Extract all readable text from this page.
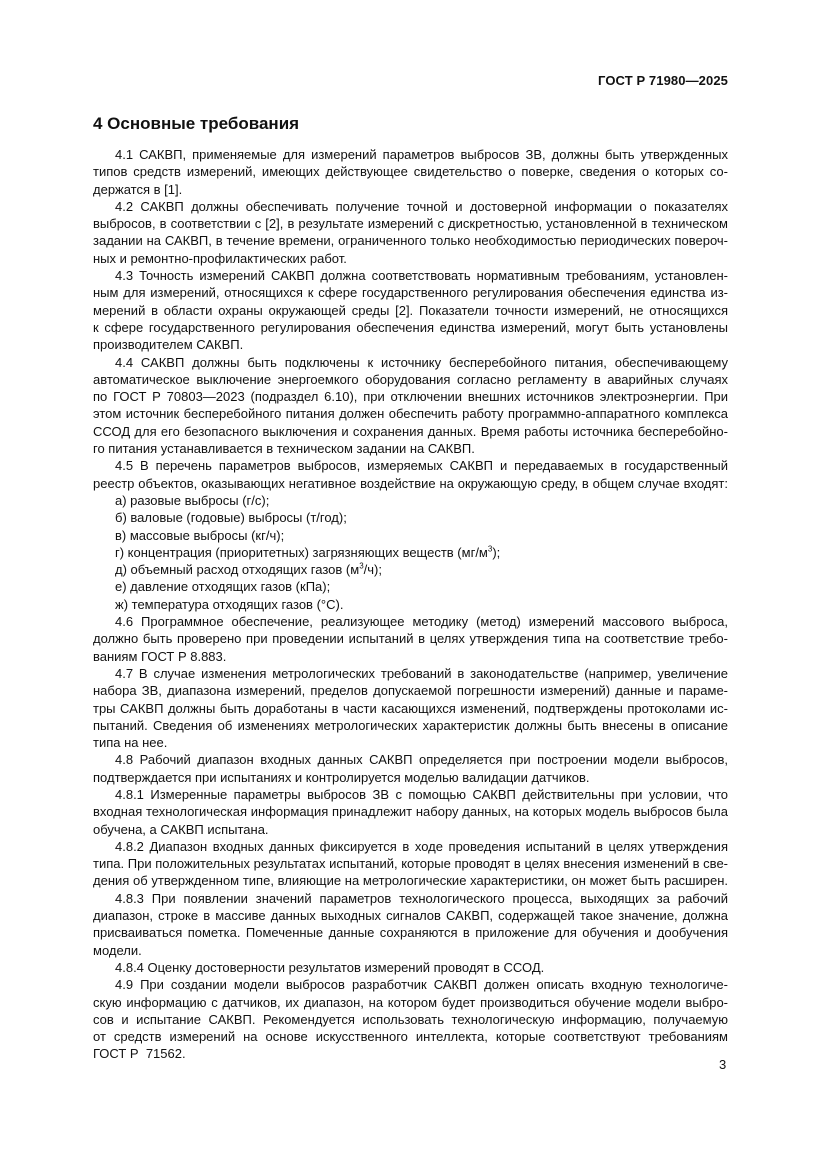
ГОСТ Р 71980—2025
4 Основные требования
4.1 САКВП, применяемые для измерений параметров выбросов ЗВ, должны быть утвержденных
типов средств измерений, имеющих действующее свидетельство о поверке, сведения о которых со-
держатся в [1].
4.2 САКВП должны обеспечивать получение точной и достоверной информации о показателях
выбросов, в соответствии с [2], в результате измерений с дискретностью, установленной в техническом
задании на САКВП, в течение времени, ограниченного только необходимостью периодических повероч-
ных и ремонтно-профилактических работ.
4.3 Точность измерений САКВП должна соответствовать нормативным требованиям, установлен-
ным для измерений, относящихся к сфере государственного регулирования обеспечения единства из-
мерений в области охраны окружающей среды [2]. Показатели точности измерений, не относящихся
к сфере государственного регулирования обеспечения единства измерений, могут быть установлены
производителем САКВП.
4.4 САКВП должны быть подключены к источнику бесперебойного питания, обеспечивающему
автоматическое выключение энергоемкого оборудования согласно регламенту в аварийных случаях
по ГОСТ Р 70803—2023 (подраздел 6.10), при отключении внешних источников электроэнергии. При
этом источник бесперебойного питания должен обеспечить работу программно-аппаратного комплекса
ССОД для его безопасного выключения и сохранения данных. Время работы источника бесперебойно-
го питания устанавливается в техническом задании на САКВП.
4.5 В перечень параметров выбросов, измеряемых САКВП и передаваемых в государственный
реестр объектов, оказывающих негативное воздействие на окружающую среду, в общем случае входят:
а) разовые выбросы (г/с);
б) валовые (годовые) выбросы (т/год);
в) массовые выбросы (кг/ч);
г) концентрация (приоритетных) загрязняющих веществ $(мг/м^3)$;
д) объемный расход отходящих газов $(м^3/ч)$;
е) давление отходящих газов (кПа);
ж) температура отходящих газов (°С).
4.6 Программное обеспечение, реализующее методику (метод) измерений массового выброса,
должно быть проверено при проведении испытаний в целях утверждения типа на соответствие требо-
ваниям ГОСТ Р 8.883.
4.7 В случае изменения метрологических требований в законодательстве (например, увеличение
набора ЗВ, диапазона измерений, пределов допускаемой погрешности измерений) данные и параме-
тры САКВП должны быть доработаны в части касающихся изменений, подтверждены протоколами ис-
пытаний. Сведения об изменениях метрологических характеристик должны быть внесены в описание
типа на нее.
4.8 Рабочий диапазон входных данных САКВП определяется при построении модели выбросов,
подтверждается при испытаниях и контролируется моделью валидации датчиков.
4.8.1 Измеренные параметры выбросов ЗВ с помощью САКВП действительны при условии, что
входная технологическая информация принадлежит набору данных, на которых модель выбросов была
обучена, а САКВП испытана.
4.8.2 Диапазон входных данных фиксируется в ходе проведения испытаний в целях утверждения
типа. При положительных результатах испытаний, которые проводят в целях внесения изменений в све-
дения об утвержденном типе, влияющие на метрологические характеристики, он может быть расширен.
4.8.3 При появлении значений параметров технологического процесса, выходящих за рабочий
диапазон, строке в массиве данных выходных сигналов САКВП, содержащей такое значение, должна
присваиваться пометка. Помеченные данные сохраняются в приложение для обучения и дообучения
модели.
4.8.4 Оценку достоверности результатов измерений проводят в ССОД.
4.9 При создании модели выбросов разработчик САКВП должен описать входную технологиче-
скую информацию с датчиков, их диапазон, на котором будет производиться обучение модели выбро-
сов и испытание САКВП. Рекомендуется использовать технологическую информацию, получаемую
от средств измерений на основе искусственного интеллекта, которые соответствуют требованиям
ГОСТ Р  71562.
3
